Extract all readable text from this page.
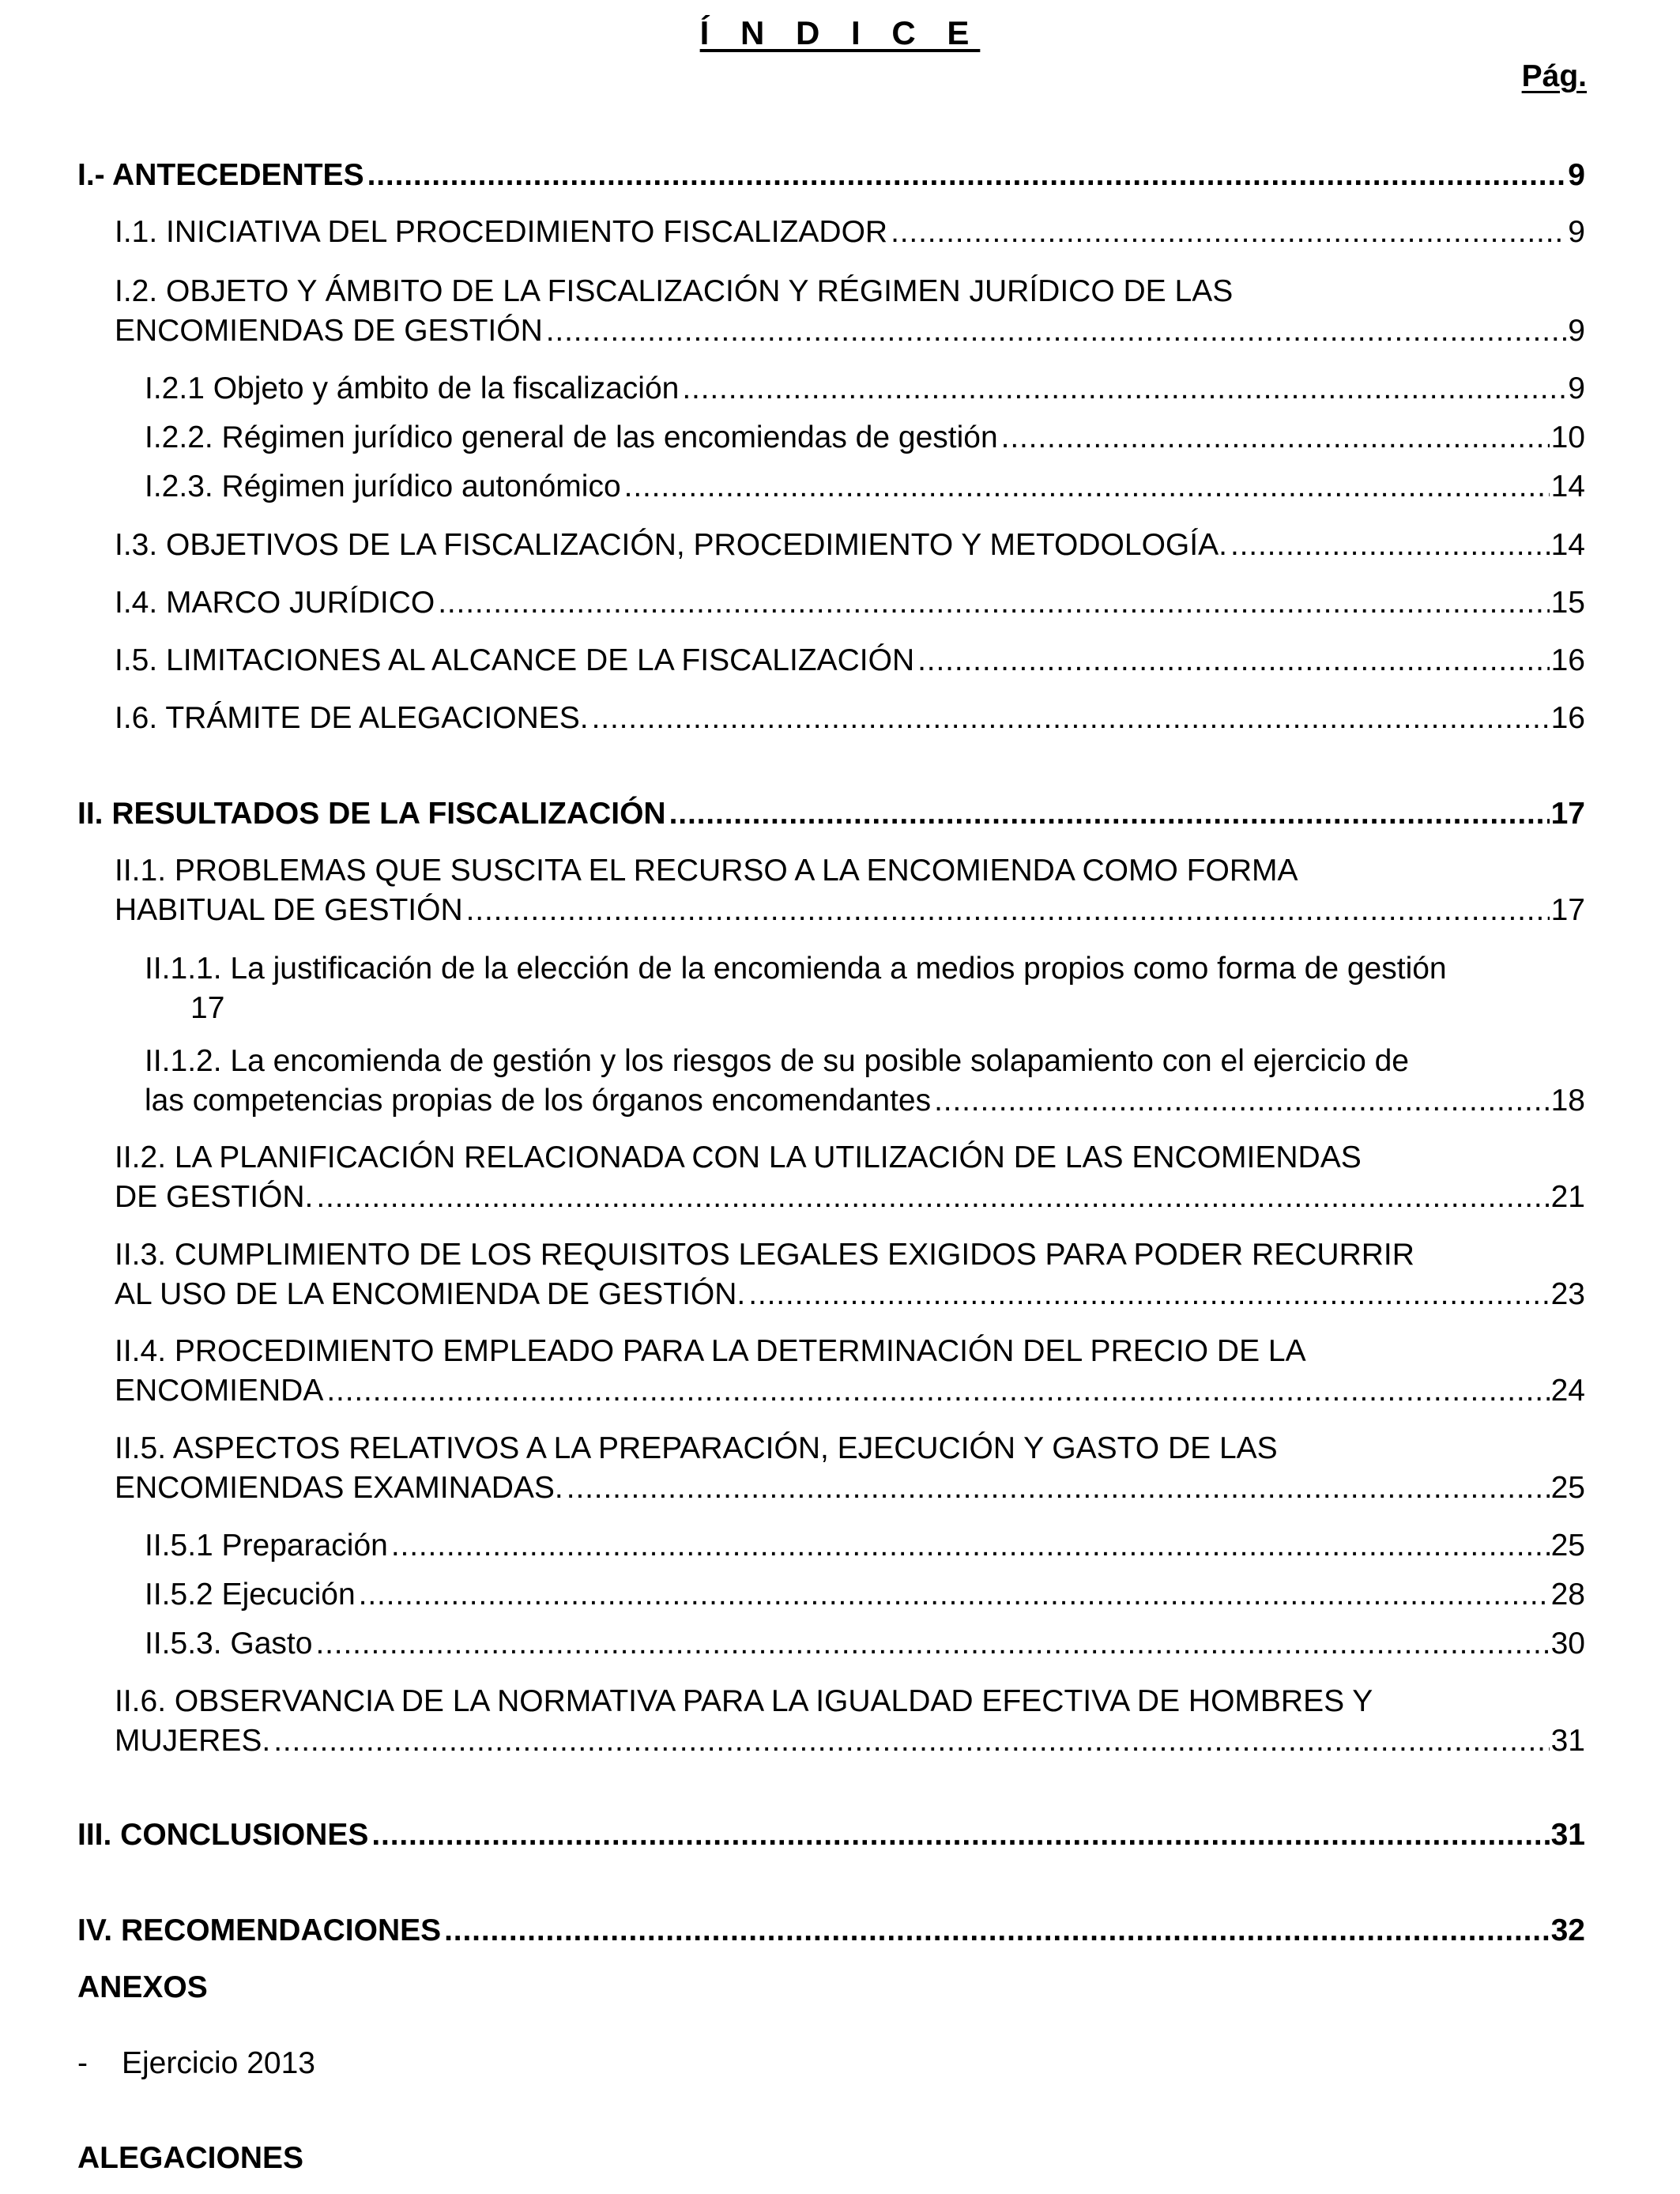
Í N D I C E
Pág.
I.- ANTECEDENTES . . .	9
I.1. INICIATIVA DEL PROCEDIMIENTO FISCALIZADOR . . .	9
I.2. OBJETO Y ÁMBITO DE LA FISCALIZACIÓN Y RÉGIMEN JURÍDICO DE LAS
ENCOMIENDAS DE GESTIÓN . . .	9
I.2.1 Objeto y ámbito de la fiscalización . . .	9
I.2.2. Régimen jurídico general de las encomiendas de gestión . . .	10
I.2.3. Régimen jurídico autonómico . . .	14
I.3. OBJETIVOS DE LA FISCALIZACIÓN, PROCEDIMIENTO Y METODOLOGÍA. . . .	14
I.4. MARCO JURÍDICO . . .	15
I.5. LIMITACIONES AL ALCANCE DE LA FISCALIZACIÓN . . .	16
I.6. TRÁMITE DE ALEGACIONES. . . .	16
II. RESULTADOS DE LA FISCALIZACIÓN . . .	17
II.1. PROBLEMAS QUE SUSCITA EL RECURSO A LA ENCOMIENDA COMO FORMA
HABITUAL DE GESTIÓN . . .	17
II.1.1. La justificación de la elección de la encomienda a medios propios como forma de gestión
17
II.1.2. La encomienda de gestión y los riesgos de su posible solapamiento con el ejercicio de
las competencias propias de los órganos encomendantes . . .	18
II.2. LA PLANIFICACIÓN RELACIONADA CON LA UTILIZACIÓN DE LAS ENCOMIENDAS
DE GESTIÓN. . . .	21
II.3. CUMPLIMIENTO DE LOS REQUISITOS LEGALES EXIGIDOS PARA PODER RECURRIR
AL USO DE LA ENCOMIENDA DE GESTIÓN. . . .	23
II.4. PROCEDIMIENTO EMPLEADO PARA LA DETERMINACIÓN DEL PRECIO DE LA
ENCOMIENDA . . .	24
II.5. ASPECTOS RELATIVOS A LA PREPARACIÓN, EJECUCIÓN Y GASTO DE LAS
ENCOMIENDAS EXAMINADAS. . . .	25
II.5.1 Preparación . . .	25
II.5.2 Ejecución . . .	28
II.5.3. Gasto . . .	30
II.6. OBSERVANCIA DE LA NORMATIVA PARA LA IGUALDAD EFECTIVA DE HOMBRES Y
MUJERES. . . .	31
III. CONCLUSIONES . . .	31
IV. RECOMENDACIONES . . .	32
ANEXOS
- Ejercicio 2013
ALEGACIONES
